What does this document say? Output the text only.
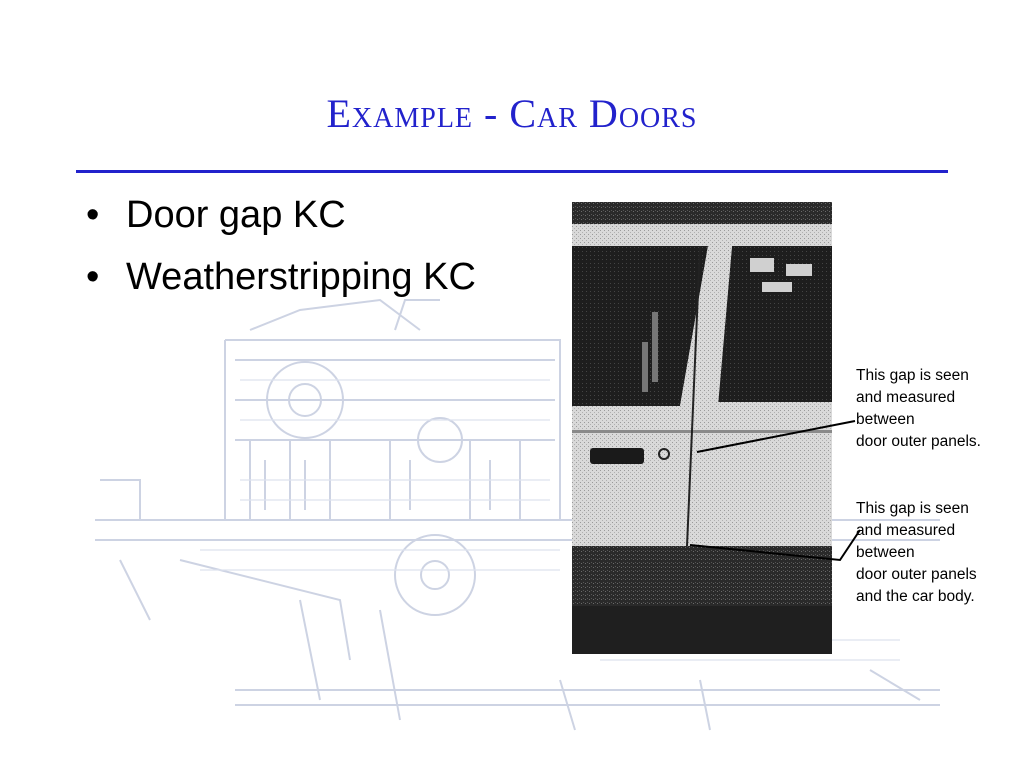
Example - Car Doors
• Door gap KC
• Weatherstripping KC
This gap is seen
and measured
between
door outer panels.
This gap is seen
and measured
between
door outer panels
and the car body.
